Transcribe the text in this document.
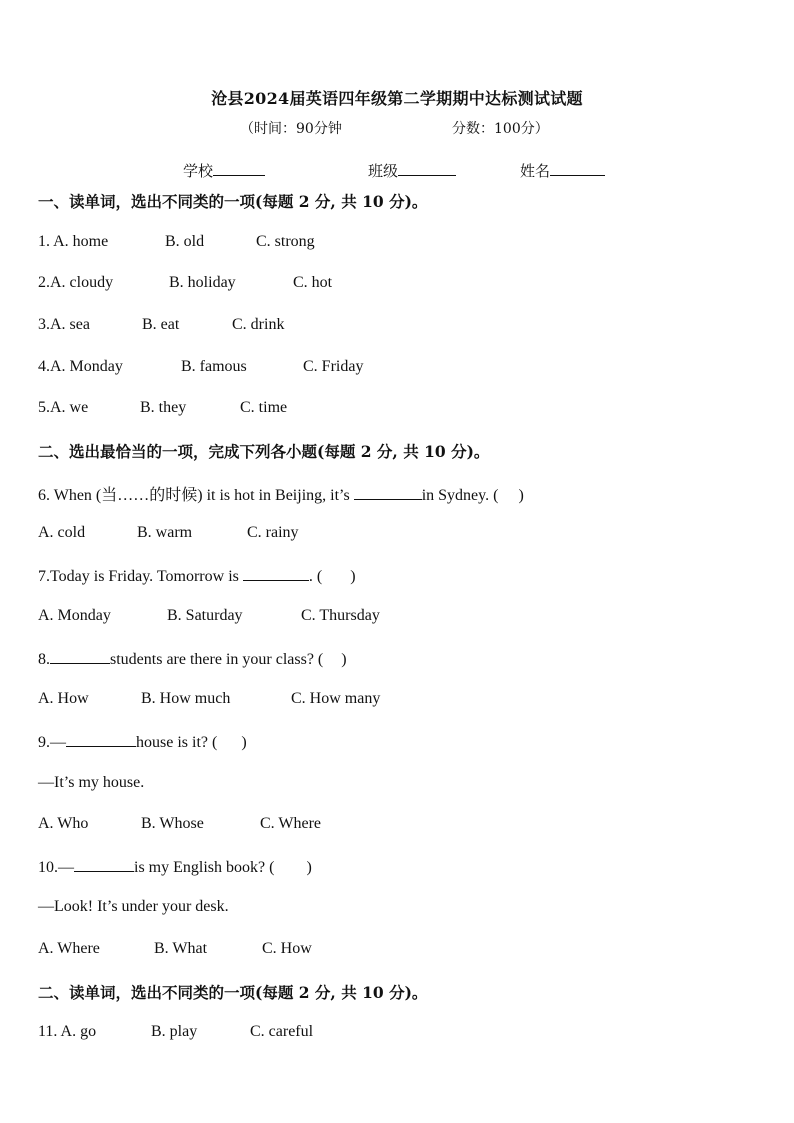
沧县2024届英语四年级第二学期期中达标测试试题
（时间：90分钟	分数：100分）
学校	班级	姓名
一、读单词，选出不同类的一项(每题 2 分, 共 10 分)。
1. A. home	B. old	C. strong
2.A. cloudy	B. holiday	C. hot
3.A. sea	B. eat	C. drink
4.A. Monday	B. famous	C. Friday
5.A. we	B. they	C. time
二、选出最恰当的一项，完成下列各小题(每题 2 分, 共 10 分)。
6. When (当……的时候) it is hot in Beijing, it’s	in Sydney. ( )
A. cold	B. warm	C. rainy
7.Today is Friday. Tomorrow is	. ( )
A. Monday	B. Saturday	C. Thursday
8.	students are there in your class? ( )
A. How	B. How much	C. How many
9.—	house is it? ( )
—It’s my house.
A. Who	B. Whose	C. Where
10.—	is my English book? ( )
—Look! It’s under your desk.
A. Where	B. What	C. How
二、读单词，选出不同类的一项(每题 2 分, 共 10 分)。
11. A. go	B. play	C. careful
